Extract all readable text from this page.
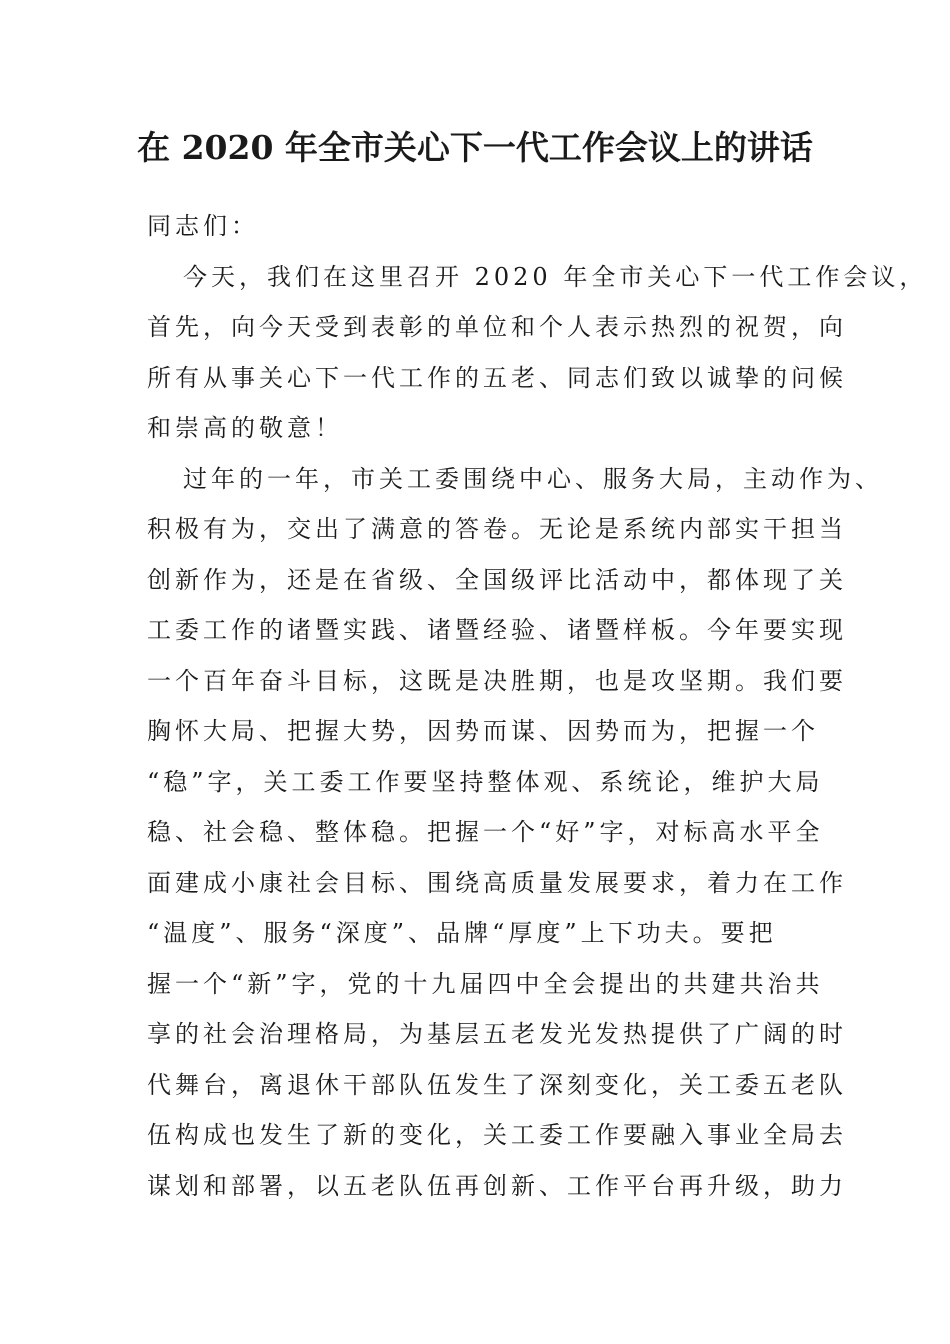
在 2020 年全市关心下一代工作会议上的讲话

同志们：

今天，我们在这里召开 2020 年全市关心下一代工作会议，
首先，向今天受到表彰的单位和个人表示热烈的祝贺，向
所有从事关心下一代工作的五老、同志们致以诚挚的问候
和崇高的敬意！

过年的一年，市关工委围绕中心、服务大局，主动作为、
积极有为，交出了满意的答卷。无论是系统内部实干担当
创新作为，还是在省级、全国级评比活动中，都体现了关
工委工作的诸暨实践、诸暨经验、诸暨样板。今年要实现
一个百年奋斗目标，这既是决胜期，也是攻坚期。我们要
胸怀大局、把握大势，因势而谋、因势而为，把握一个
“稳”字，关工委工作要坚持整体观、系统论，维护大局
稳、社会稳、整体稳。把握一个“好”字，对标高水平全
面建成小康社会目标、围绕高质量发展要求，着力在工作
“温度”、服务“深度”、品牌“厚度”上下功夫。要把
握一个“新”字，党的十九届四中全会提出的共建共治共
享的社会治理格局，为基层五老发光发热提供了广阔的时
代舞台，离退休干部队伍发生了深刻变化，关工委五老队
伍构成也发生了新的变化，关工委工作要融入事业全局去
谋划和部署，以五老队伍再创新、工作平台再升级，助力
